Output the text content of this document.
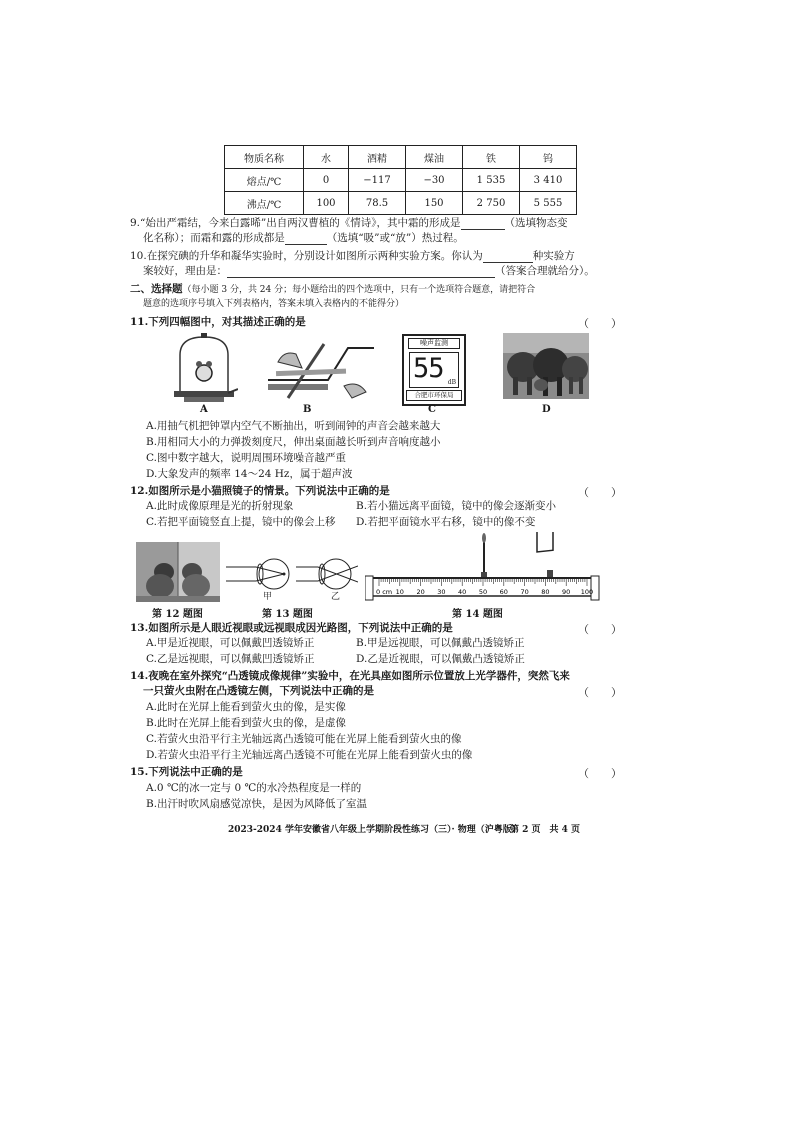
物质名称	水	酒精	煤油	铁	钨
熔点/℃	0	−117	−30	1 535	3 410
沸点/℃	100	78.5	150	2 750	5 555
9.“始出严霜结，今来白露晞”出自两汉曹植的《情诗》，其中霜的形成是	（选填物态变
化名称）；而霜和露的形成都是	（选填“吸”或“放”）热过程。
10.在探究碘的升华和凝华实验时，分别设计如图所示两种实验方案。你认为	种实验方
案较好，理由是：	（答案合理就给分）。
二、选择题（每小题 3 分，共 24 分；每小题给出的四个选项中，只有一个选项符合题意，请把符合
题意的选项序号填入下列表格内，答案未填入表格内的不能得分）
11.下列四幅图中，对其描述正确的是	（　　）
A	B
噪声监测
55 dB
合肥市环保局
C	D
A.用抽气机把钟罩内空气不断抽出，听到闹钟的声音会越来越大
B.用相同大小的力弹拨刻度尺，伸出桌面越长听到声音响度越小
C.图中数字越大，说明周围环境噪音越严重
D.大象发声的频率 14～24 Hz，属于超声波
12.如图所示是小猫照镜子的情景。下列说法中正确的是	（　　）
A.此时成像原理是光的折射现象	B.若小猫远离平面镜，镜中的像会逐渐变小
C.若把平面镜竖直上提，镜中的像会上移 D.若把平面镜水平右移，镜中的像不变
第 12 题图
甲	乙
第 13 题图
0 cm 10 20 30 40 50 60 70 80 90 100
第 14 题图
13.如图所示是人眼近视眼或远视眼成因光路图，下列说法中正确的是	（　　）
A.甲是近视眼，可以佩戴凹透镜矫正	B.甲是远视眼，可以佩戴凸透镜矫正
C.乙是远视眼，可以佩戴凹透镜矫正	D.乙是近视眼，可以佩戴凸透镜矫正
14.夜晚在室外探究“凸透镜成像规律”实验中，在光具座如图所示位置放上光学器件，突然飞来
一只萤火虫附在凸透镜左侧，下列说法中正确的是	（　　）
A.此时在光屏上能看到萤火虫的像，是实像
B.此时在光屏上能看到萤火虫的像，是虚像
C.若萤火虫沿平行主光轴远离凸透镜可能在光屏上能看到萤火虫的像
D.若萤火虫沿平行主光轴远离凸透镜不可能在光屏上能看到萤火虫的像
15.下列说法中正确的是	（　　）
A.0 ℃的冰一定与 0 ℃的水冷热程度是一样的
B.出汗时吹风扇感觉凉快，是因为风降低了室温
2023-2024 学年安徽省八年级上学期阶段性练习（三）· 物理（沪粤版）
第 2 页　共 4 页
